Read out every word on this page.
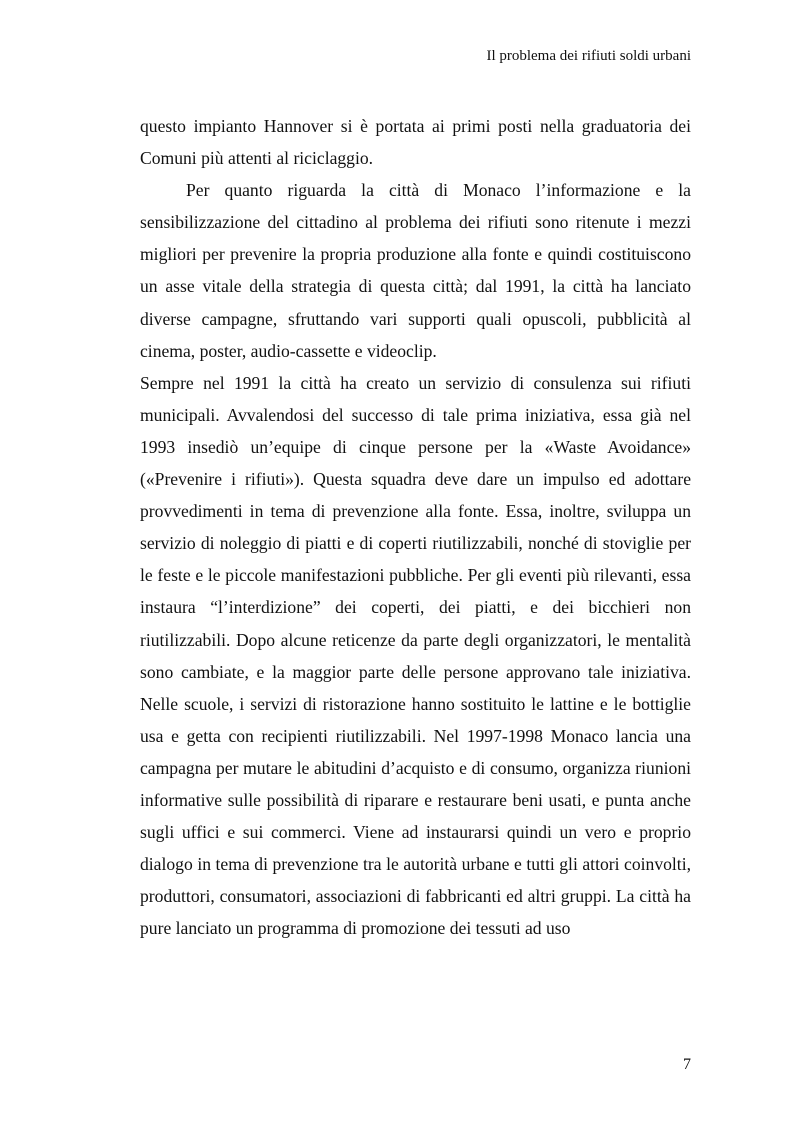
Il problema dei rifiuti soldi urbani

questo impianto Hannover si è portata ai primi posti nella graduatoria dei Comuni più attenti al riciclaggio.

Per quanto riguarda la città di Monaco l’informazione e la sensibilizzazione del cittadino al problema dei rifiuti sono ritenute i mezzi migliori per prevenire la propria produzione alla fonte e quindi costituiscono un asse vitale della strategia di questa città; dal 1991, la città ha lanciato diverse campagne, sfruttando vari supporti quali opuscoli, pubblicità al cinema, poster, audio-cassette e videoclip.

Sempre nel 1991 la città ha creato un servizio di consulenza sui rifiuti municipali. Avvalendosi del successo di tale prima iniziativa, essa già nel 1993 insediò un’equipe di cinque persone per la «Waste Avoidance» («Prevenire i rifiuti»). Questa squadra deve dare un impulso ed adottare provvedimenti in tema di prevenzione alla fonte. Essa, inoltre, sviluppa un servizio di noleggio di piatti e di coperti riutilizzabili, nonché di stoviglie per le feste e le piccole manifestazioni pubbliche. Per gli eventi più rilevanti, essa instaura “l’interdizione” dei coperti, dei piatti, e dei bicchieri non riutilizzabili. Dopo alcune reticenze da parte degli organizzatori, le mentalità sono cambiate, e la maggior parte delle persone approvano tale iniziativa. Nelle scuole, i servizi di ristorazione hanno sostituito le lattine e le bottiglie usa e getta con recipienti riutilizzabili. Nel 1997-1998 Monaco lancia una campagna per mutare le abitudini d’acquisto e di consumo, organizza riunioni informative sulle possibilità di riparare e restaurare beni usati, e punta anche sugli uffici e sui commerci. Viene ad instaurarsi quindi un vero e proprio dialogo in tema di prevenzione tra le autorità urbane e tutti gli attori coinvolti, produttori, consumatori, associazioni di fabbricanti ed altri gruppi. La città ha pure lanciato un programma di promozione dei tessuti ad uso

7
